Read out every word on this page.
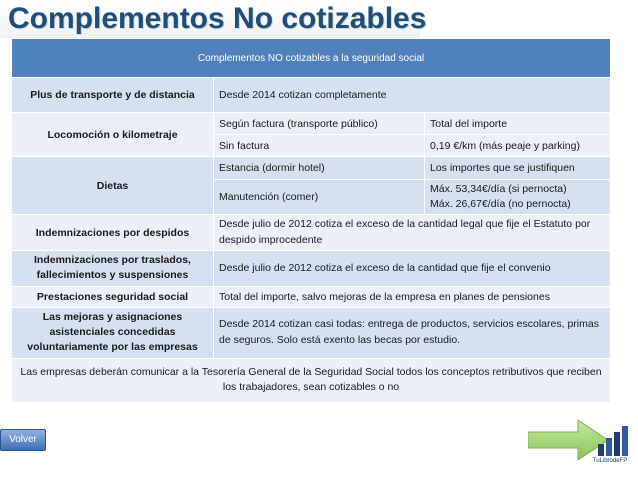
Complementos No cotizables
Complementos NO cotizables a la seguridad social		
Plus de transporte y de distancia	Desde 2014 cotizan completamente	
Locomoción o kilometraje	Según factura (transporte público)	Total del importe
	Sin factura	0,19 €/km (más peaje y parking)
Dietas	Estancia (dormir hotel)	Los importes que se justifiquen
	Manutención (comer)	Máx. 53,34€/día (si pernocta)
Máx. 26,67€/día (no pernocta)

Indemnizaciones por despidos	Desde julio de 2012 cotiza el exceso de la cantidad legal que fije el Estatuto por despido improcedente	
Indemnizaciones por traslados, fallecimientos y suspensiones	Desde julio de 2012 cotiza el exceso de la cantidad que fije el convenio	
Prestaciones seguridad social	Total del importe, salvo mejoras de la empresa en planes de pensiones	
Las mejoras y asignaciones asistenciales concedidas voluntariamente por las empresas	Desde 2014 cotizan casi todas: entrega de productos, servicios escolares, primas de seguros. Solo está exento las becas por estudio.	
Las empresas deberán comunicar a la Tesorería General de la Seguridad Social todos los conceptos retributivos que reciben los trabajadores, sean cotizables o no		
Volver
TuLibrodeFP
